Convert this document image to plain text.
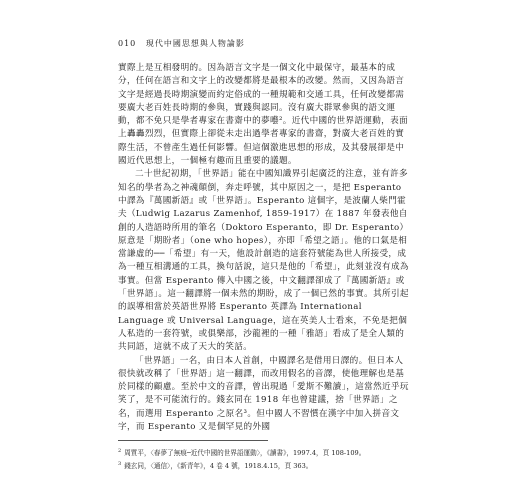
010 現代中國思想與人物論影

實際上是互相發明的。因為語言文字是一個文化中最保守，最基本的成分，任何在語言和文字上的改變都將是最根本的改變。然而，又因為語言文字是經過長時期演變而約定俗成的一種規範和交通工具，任何改變都需要廣大老百姓長時期的參與，實踐與認同。沒有廣大群眾參與的語文運動，都不免只是學者專家在書齋中的夢囈²。近代中國的世界語運動，表面上轟轟烈烈，但實際上卻從未走出過學者專家的書齋，對廣大老百姓的實際生活，不曾產生過任何影響。但這個激進思想的形成，及其發展卻是中國近代思想上，一個極有趣而且重要的議題。

二十世紀初期，「世界語」能在中國知識界引起廣泛的注意，並有許多知名的學者為之神魂顛倒，奔走呼號，其中原因之一，是把 Esperanto 中譯為『萬國新語』或「世界語」。Esperanto 這個字，是波蘭人柴門霍夫（Ludwig Lazarus Zamenhof, 1859-1917）在 1887 年發表他自創的人造語時所用的筆名（Doktoro Esperanto，即 Dr. Esperanto）原意是「期盼者」（one who hopes），亦即「希望之語」。他的口氣是相當謙虛的──「希望」有一天，他設計創造的這套符號能為世人所接受，成為一種互相溝通的工具，換句話說，這只是他的「希望」，此刻並沒有成為事實。但當 Esperanto 傳入中國之後，中文翻譯卻成了『萬國新語』或「世界語」。這一翻譯將一個未然的期盼，成了一個已然的事實。其所引起的誤導相當於英語世界將 Esperanto 英譯為 International Language 或 Universal Language，這在英美人士看來，不免是把個人私造的一套符號，或俱樂部，沙龍裡的一種「雅語」看成了是全人類的共同語，這就不成了天大的笑話。

「世界語」一名，由日本人首創，中國譯名是借用日譯的。但日本人很快就改稱了「世界語」這一翻譯，而改用假名的音譯，使他理解也是基於同樣的顧慮。至於中文的音譯，曾出現過「愛斯不難讀」，這當然近乎玩笑了，是不可能流行的。錢玄同在 1918 年也曾建議，捨「世界語」之名，而選用 Esperanto 之原名³。但中國人不習慣在漢字中加入拼音文字，而 Esperanto 又是個罕見的外國

$^2$ 周質平，〈春夢了無痕─近代中國的世界語運動〉，《讀書》，1997.4，頁 108-109。
$^3$ 錢玄同，〈通信〉，《新青年》，4 卷 4 號，1918.4.15，頁 363。
